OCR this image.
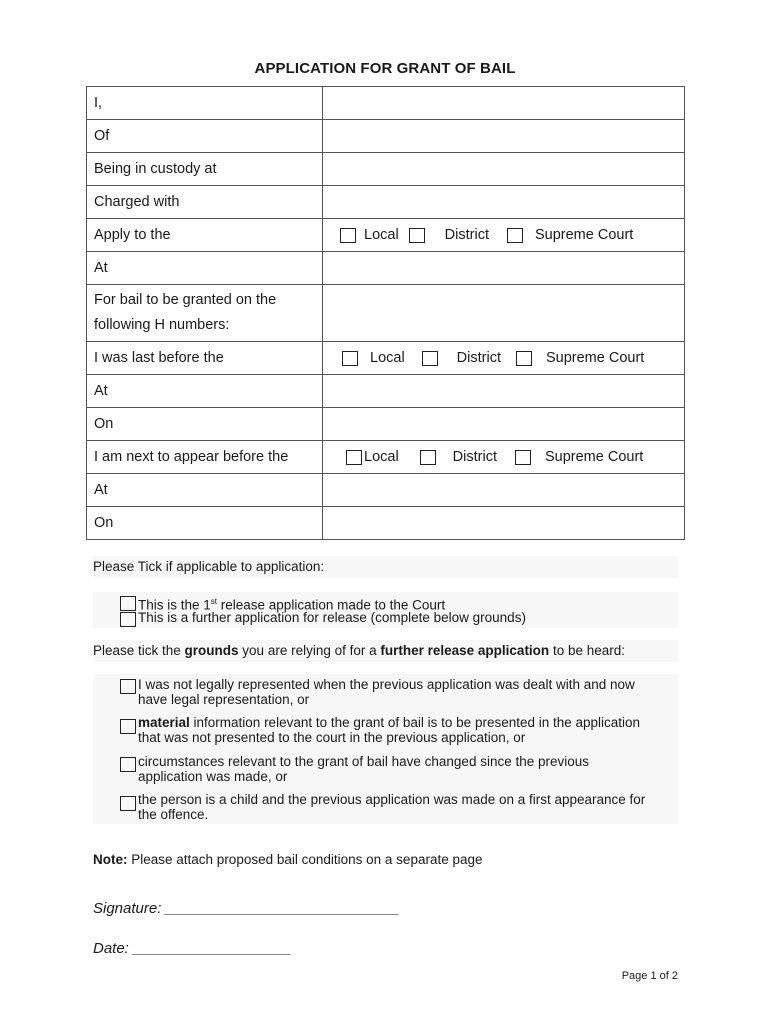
APPLICATION FOR GRANT OF BAIL
I,	
Of	
Being in custody at	
Charged with	
Apply to the	Local District Supreme Court

At	

For bail to be granted on the
following H numbers:	

I was last before the	Local District Supreme Court

At	
On	
I am next to appear before the	Local District Supreme Court

At	
On	
Please Tick if applicable to application:
This is the 1st release application made to the Court
This is a further application for release (complete below grounds)
Please tick the grounds you are relying of for a further release application to be heard:
I was not legally represented when the previous application was dealt with and now
have legal representation, or
material information relevant to the grant of bail is to be presented in the application
that was not presented to the court in the previous application, or
circumstances relevant to the grant of bail have changed since the previous
application was made, or
the person is a child and the previous application was made on a first appearance for
the offence.
Note: Please attach proposed bail conditions on a separate page
Signature: ____________________________
Date: ___________________
Page 1 of 2
